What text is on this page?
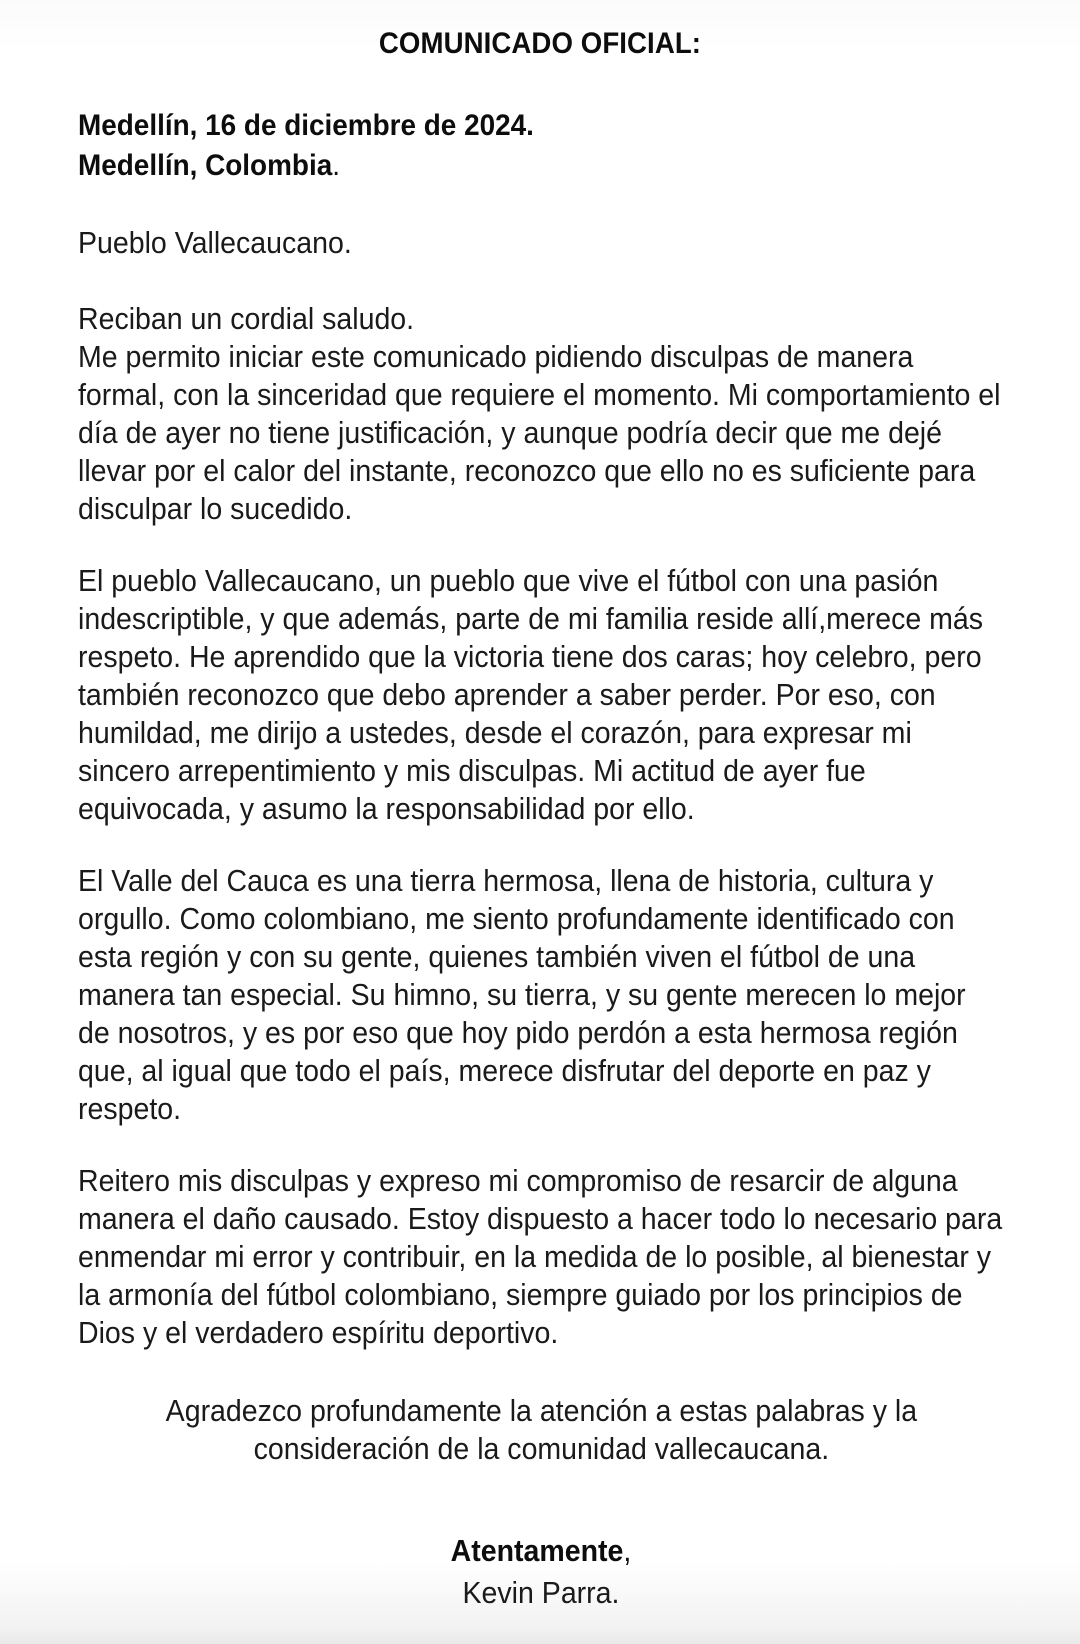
COMUNICADO OFICIAL:
Medellín, 16 de diciembre de 2024.
Medellín, Colombia.
Pueblo Vallecaucano.
Reciban un cordial saludo.
Me permito iniciar este comunicado pidiendo disculpas de manera formal, con la sinceridad que requiere el momento. Mi comportamiento el día de ayer no tiene justificación, y aunque podría decir que me dejé llevar por el calor del instante, reconozco que ello no es suficiente para disculpar lo sucedido.
El pueblo Vallecaucano, un pueblo que vive el fútbol con una pasión indescriptible, y que además, parte de mi familia reside allí,merece más respeto. He aprendido que la victoria tiene dos caras; hoy celebro, pero también reconozco que debo aprender a saber perder. Por eso, con humildad, me dirijo a ustedes, desde el corazón, para expresar mi sincero arrepentimiento y mis disculpas. Mi actitud de ayer fue equivocada, y asumo la responsabilidad por ello.
El Valle del Cauca es una tierra hermosa, llena de historia, cultura y orgullo. Como colombiano, me siento profundamente identificado con esta región y con su gente, quienes también viven el fútbol de una manera tan especial. Su himno, su tierra, y su gente merecen lo mejor de nosotros, y es por eso que hoy pido perdón a esta hermosa región que, al igual que todo el país, merece disfrutar del deporte en paz y respeto.
Reitero mis disculpas y expreso mi compromiso de resarcir de alguna manera el daño causado. Estoy dispuesto a hacer todo lo necesario para enmendar mi error y contribuir, en la medida de lo posible, al bienestar y la armonía del fútbol colombiano, siempre guiado por los principios de Dios y el verdadero espíritu deportivo.
Agradezco profundamente la atención a estas palabras y la consideración de la comunidad vallecaucana.
Atentamente,
Kevin Parra.
